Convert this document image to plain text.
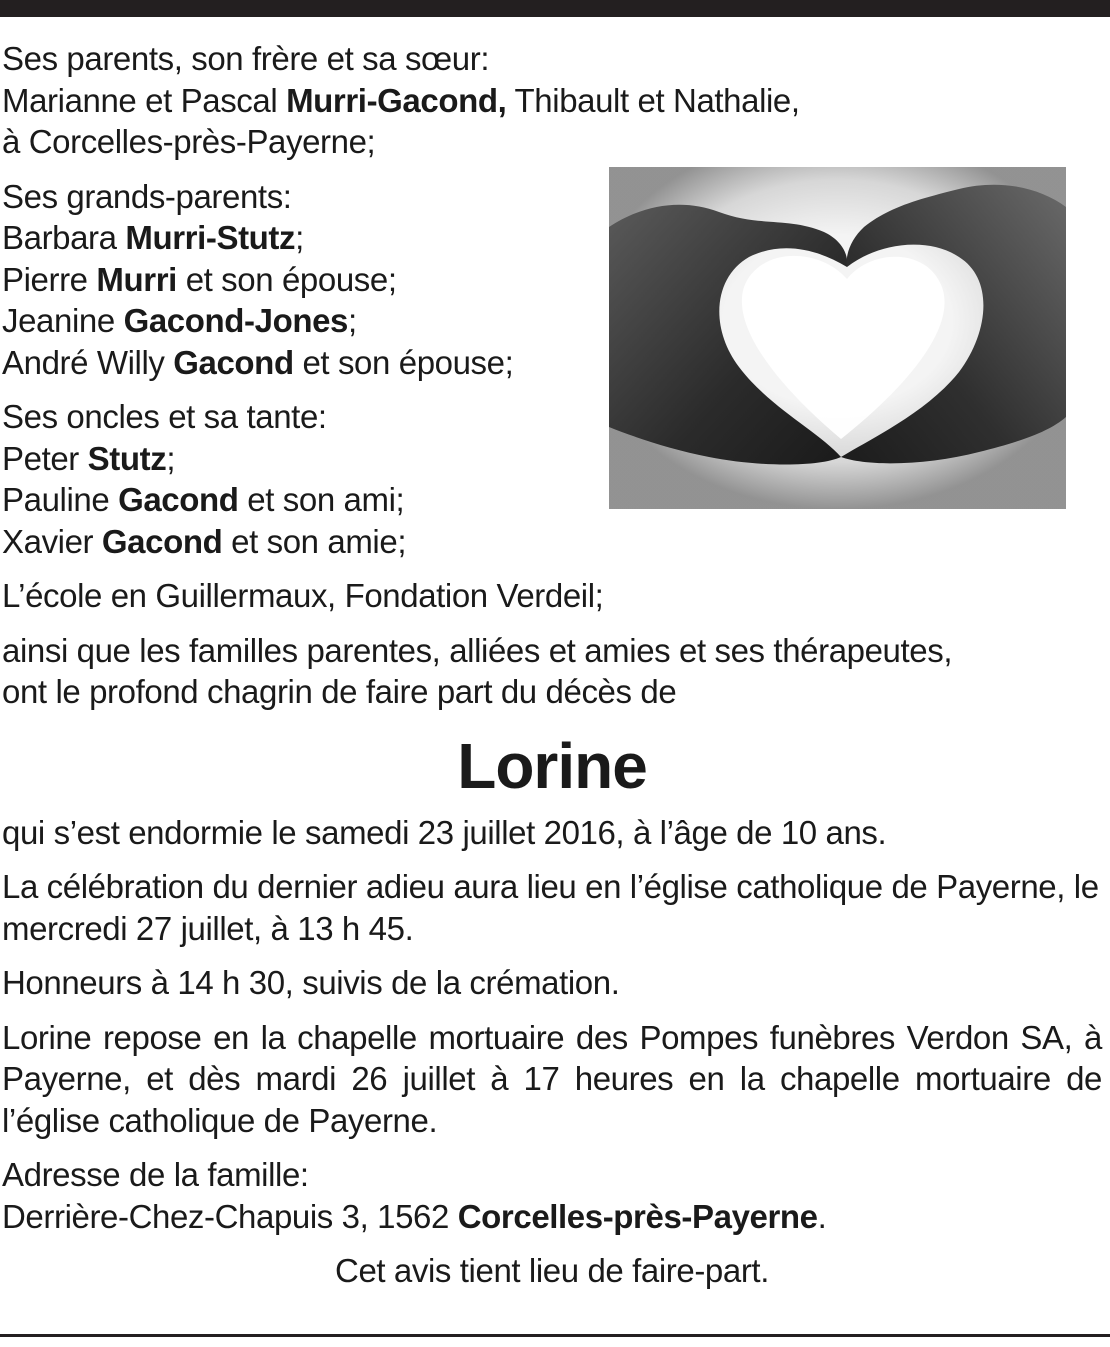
Ses parents, son frère et sa sœur:
Marianne et Pascal Murri-Gacond, Thibault et Nathalie,
à Corcelles-près-Payerne;

Ses grands-parents:
Barbara Murri-Stutz;
Pierre Murri et son épouse;
Jeanine Gacond-Jones;
André Willy Gacond et son épouse;

Ses oncles et sa tante:
Peter Stutz;
Pauline Gacond et son ami;
Xavier Gacond et son amie;

L’école en Guillermaux, Fondation Verdeil;

ainsi que les familles parentes, alliées et amies et ses thérapeutes,
ont le profond chagrin de faire part du décès de

Lorine

qui s’est endormie le samedi 23 juillet 2016, à l’âge de 10 ans.

La célébration du dernier adieu aura lieu en l’église catholique de Payerne, le mercredi 27 juillet, à 13 h 45.

Honneurs à 14 h 30, suivis de la crémation.

Lorine repose en la chapelle mortuaire des Pompes funèbres Verdon SA, à Payerne, et dès mardi 26 juillet à 17 heures en la chapelle mortuaire de l’église catholique de Payerne.

Adresse de la famille:
Derrière-Chez-Chapuis 3, 1562 Corcelles-près-Payerne.

Cet avis tient lieu de faire-part.
